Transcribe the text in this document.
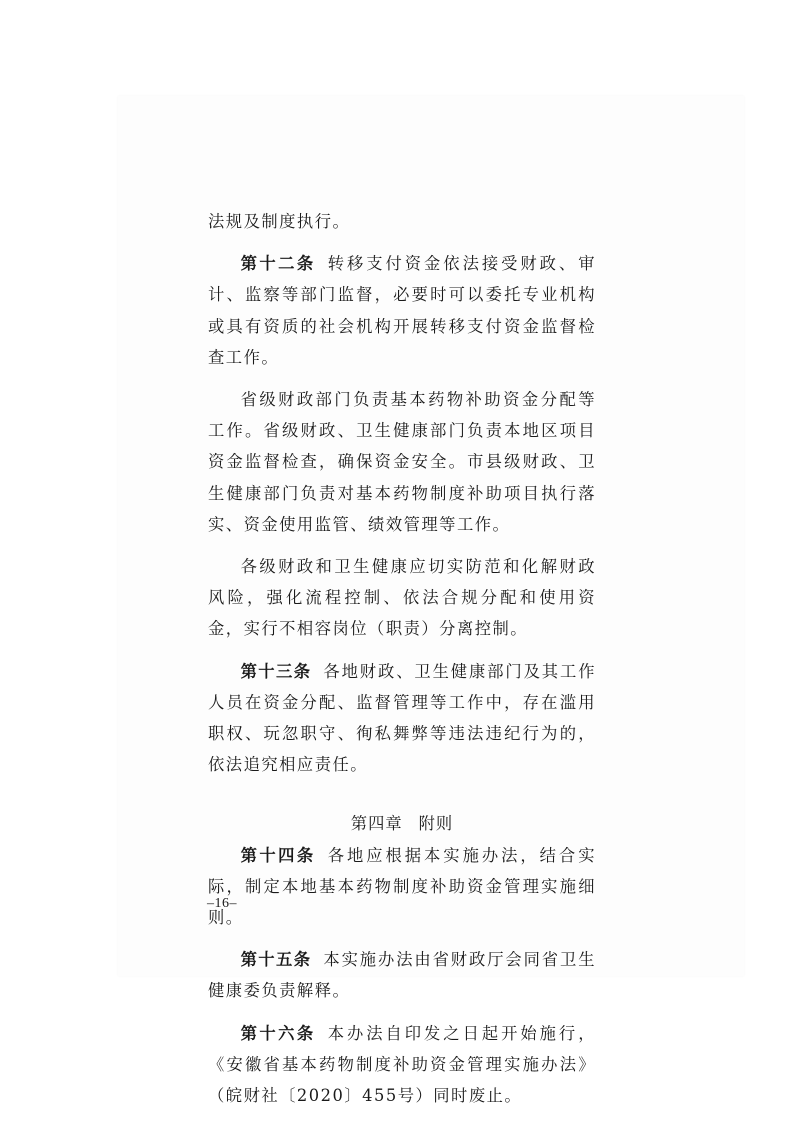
法规及制度执行。

第十二条 转移支付资金依法接受财政、审计、监察等部门监督，必要时可以委托专业机构或具有资质的社会机构开展转移支付资金监督检查工作。

省级财政部门负责基本药物补助资金分配等工作。省级财政、卫生健康部门负责本地区项目资金监督检查，确保资金安全。市县级财政、卫生健康部门负责对基本药物制度补助项目执行落实、资金使用监管、绩效管理等工作。

各级财政和卫生健康应切实防范和化解财政风险，强化流程控制、依法合规分配和使用资金，实行不相容岗位（职责）分离控制。

第十三条 各地财政、卫生健康部门及其工作人员在资金分配、监督管理等工作中，存在滥用职权、玩忽职守、徇私舞弊等违法违纪行为的，依法追究相应责任。

第四章 附则

第十四条 各地应根据本实施办法，结合实际，制定本地基本药物制度补助资金管理实施细则。

第十五条 本实施办法由省财政厅会同省卫生健康委负责解释。

第十六条 本办法自印发之日起开始施行，《安徽省基本药物制度补助资金管理实施办法》（皖财社〔2020〕455号）同时废止。

–16–
